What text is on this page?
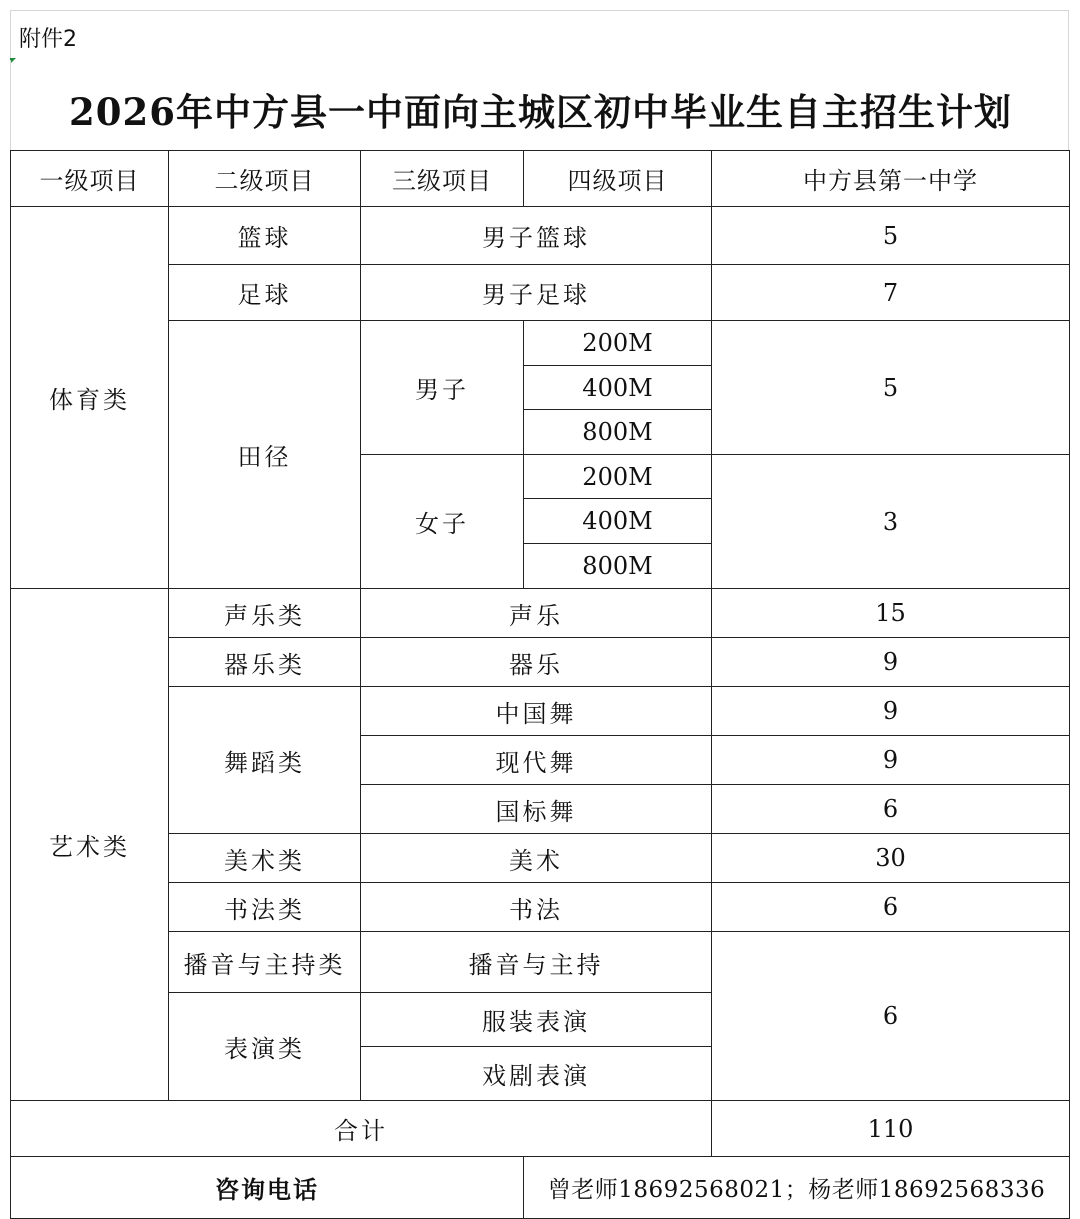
附件2
2026年中方县一中面向主城区初中毕业生自主招生计划
一级项目	二级项目	三级项目	四级项目	中方县第一中学
体育类	篮球	男子篮球		5
	足球	男子足球		7
	田径	男子	200M	5
			400M	
			800M	
		女子	200M	3
			400M	
			800M	
艺术类	声乐类	声乐		15
	器乐类	器乐		9
	舞蹈类	中国舞		9
		现代舞		9
		国标舞		6
	美术类	美术		30
	书法类	书法		6
	播音与主持类	播音与主持		6
	表演类	服装表演		
		戏剧表演		
合计				110
咨询电话			曾老师18692568021；杨老师18692568336	
